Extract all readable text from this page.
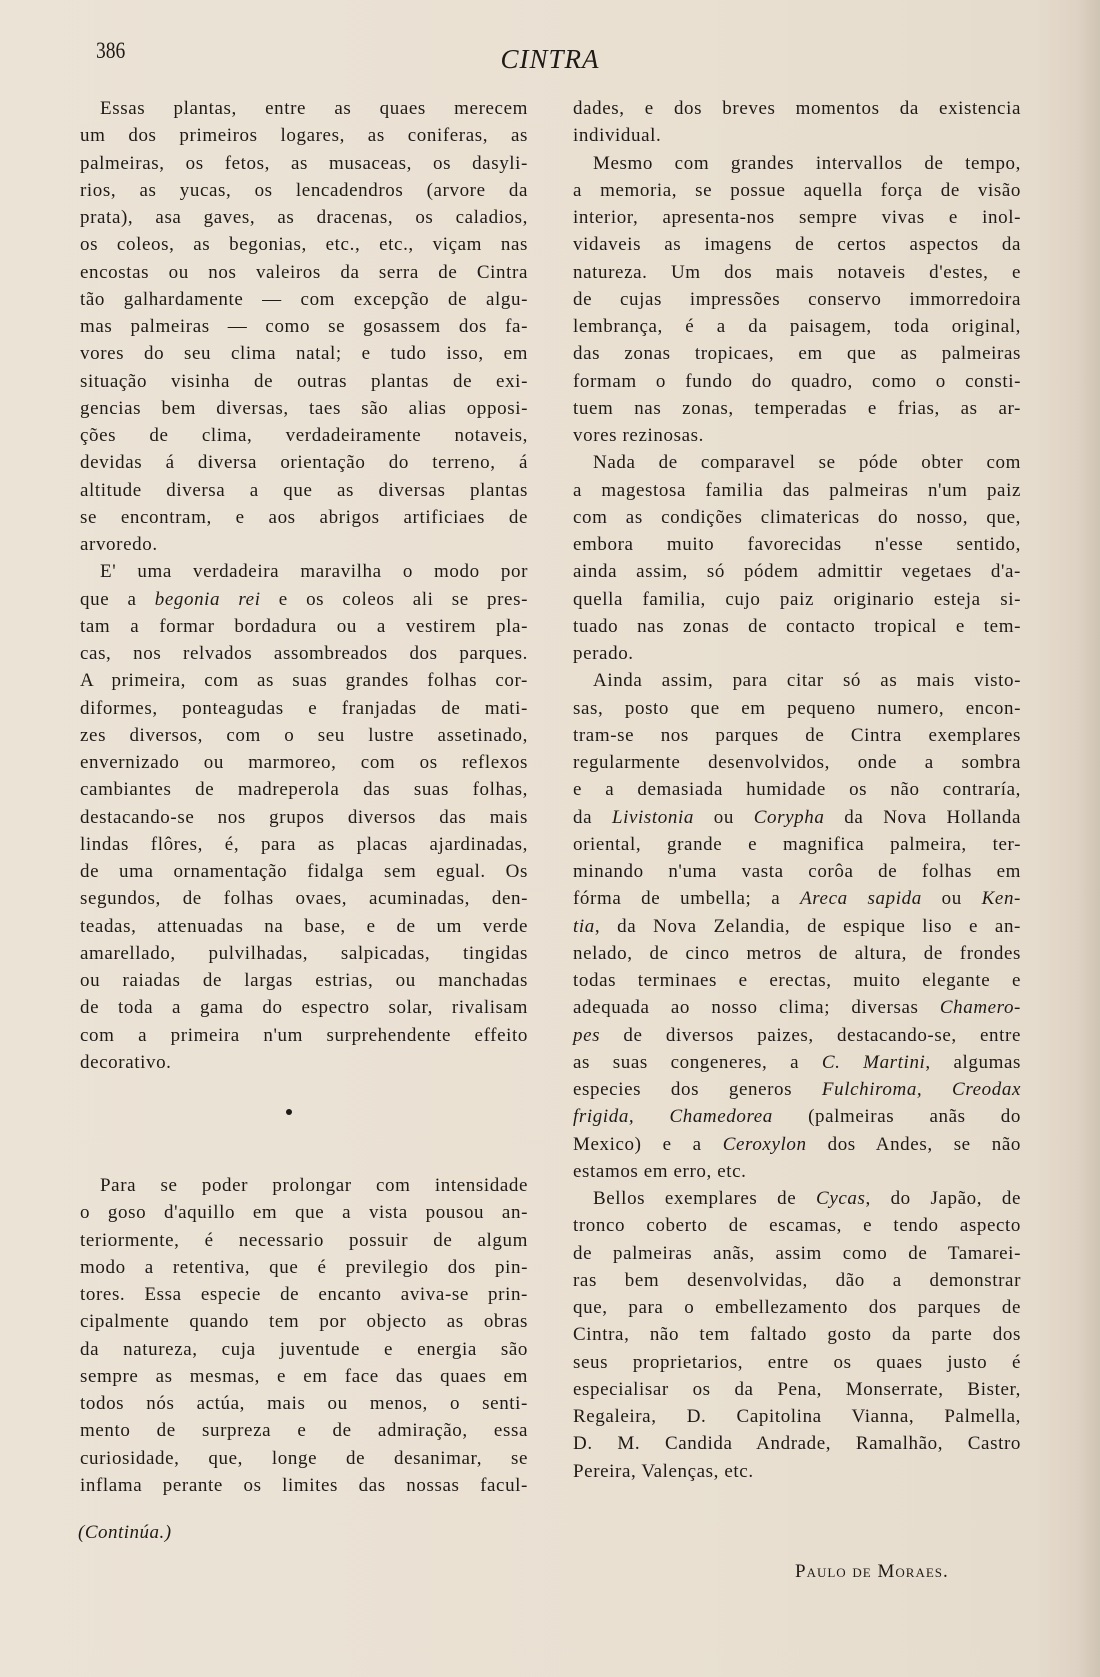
386	CINTRA
Essas plantas, entre as quaes merecem
um dos primeiros logares, as coniferas, as
palmeiras, os fetos, as musaceas, os dasyli-
rios, as yucas, os lencadendros (arvore da
prata), asa gaves, as dracenas, os caladios,
os coleos, as begonias, etc., etc., viçam nas
encostas ou nos valeiros da serra de Cintra
tão galhardamente — com excepção de algu-
mas palmeiras — como se gosassem dos fa-
vores do seu clima natal; e tudo isso, em
situação visinha de outras plantas de exi-
gencias bem diversas, taes são alias opposi-
ções de clima, verdadeiramente notaveis,
devidas á diversa orientação do terreno, á
altitude diversa a que as diversas plantas
se encontram, e aos abrigos artificiaes de
arvoredo.
E' uma verdadeira maravilha o modo por
que a begonia rei e os coleos ali se pres-
tam a formar bordadura ou a vestirem pla-
cas, nos relvados assombreados dos parques.
A primeira, com as suas grandes folhas cor-
diformes, ponteagudas e franjadas de mati-
zes diversos, com o seu lustre assetinado,
envernizado ou marmoreo, com os reflexos
cambiantes de madreperola das suas folhas,
destacando-se nos grupos diversos das mais
lindas flôres, é, para as placas ajardinadas,
de uma ornamentação fidalga sem egual. Os
segundos, de folhas ovaes, acuminadas, den-
teadas, attenuadas na base, e de um verde
amarellado, pulvilhadas, salpicadas, tingidas
ou raiadas de largas estrias, ou manchadas
de toda a gama do espectro solar, rivalisam
com a primeira n'um surprehendente effeito
decorativo.
Para se poder prolongar com intensidade
o goso d'aquillo em que a vista pousou an-
teriormente, é necessario possuir de algum
modo a retentiva, que é previlegio dos pin-
tores. Essa especie de encanto aviva-se prin-
cipalmente quando tem por objecto as obras
da natureza, cuja juventude e energia são
sempre as mesmas, e em face das quaes em
todos nós actúa, mais ou menos, o senti-
mento de surpreza e de admiração, essa
curiosidade, que, longe de desanimar, se
inflama perante os limites das nossas facul-
dades, e dos breves momentos da existencia
individual.
Mesmo com grandes intervallos de tempo,
a memoria, se possue aquella força de visão
interior, apresenta-nos sempre vivas e inol-
vidaveis as imagens de certos aspectos da
natureza. Um dos mais notaveis d'estes, e
de cujas impressões conservo immorredoira
lembrança, é a da paisagem, toda original,
das zonas tropicaes, em que as palmeiras
formam o fundo do quadro, como o consti-
tuem nas zonas, temperadas e frias, as ar-
vores rezinosas.
Nada de comparavel se póde obter com
a magestosa familia das palmeiras n'um paiz
com as condições climatericas do nosso, que,
embora muito favorecidas n'esse sentido,
ainda assim, só pódem admittir vegetaes d'a-
quella familia, cujo paiz originario esteja si-
tuado nas zonas de contacto tropical e tem-
perado.
Ainda assim, para citar só as mais visto-
sas, posto que em pequeno numero, encon-
tram-se nos parques de Cintra exemplares
regularmente desenvolvidos, onde a sombra
e a demasiada humidade os não contraría,
da Livistonia ou Corypha da Nova Hollanda
oriental, grande e magnifica palmeira, ter-
minando n'uma vasta corôa de folhas em
fórma de umbella; a Areca sapida ou Ken-
tia, da Nova Zelandia, de espique liso e an-
nelado, de cinco metros de altura, de frondes
todas terminaes e erectas, muito elegante e
adequada ao nosso clima; diversas Chamero-
pes de diversos paizes, destacando-se, entre
as suas congeneres, a C. Martini, algumas
especies dos generos Fulchiroma, Creodax
frigida, Chamedorea (palmeiras anãs do
Mexico) e a Ceroxylon dos Andes, se não
estamos em erro, etc.
Bellos exemplares de Cycas, do Japão, de
tronco coberto de escamas, e tendo aspecto
de palmeiras anãs, assim como de Tamarei-
ras bem desenvolvidas, dão a demonstrar
que, para o embellezamento dos parques de
Cintra, não tem faltado gosto da parte dos
seus proprietarios, entre os quaes justo é
especialisar os da Pena, Monserrate, Bister,
Regaleira, D. Capitolina Vianna, Palmella,
D. M. Candida Andrade, Ramalhão, Castro
Pereira, Valenças, etc.
(Continúa.)
Paulo de Moraes.
